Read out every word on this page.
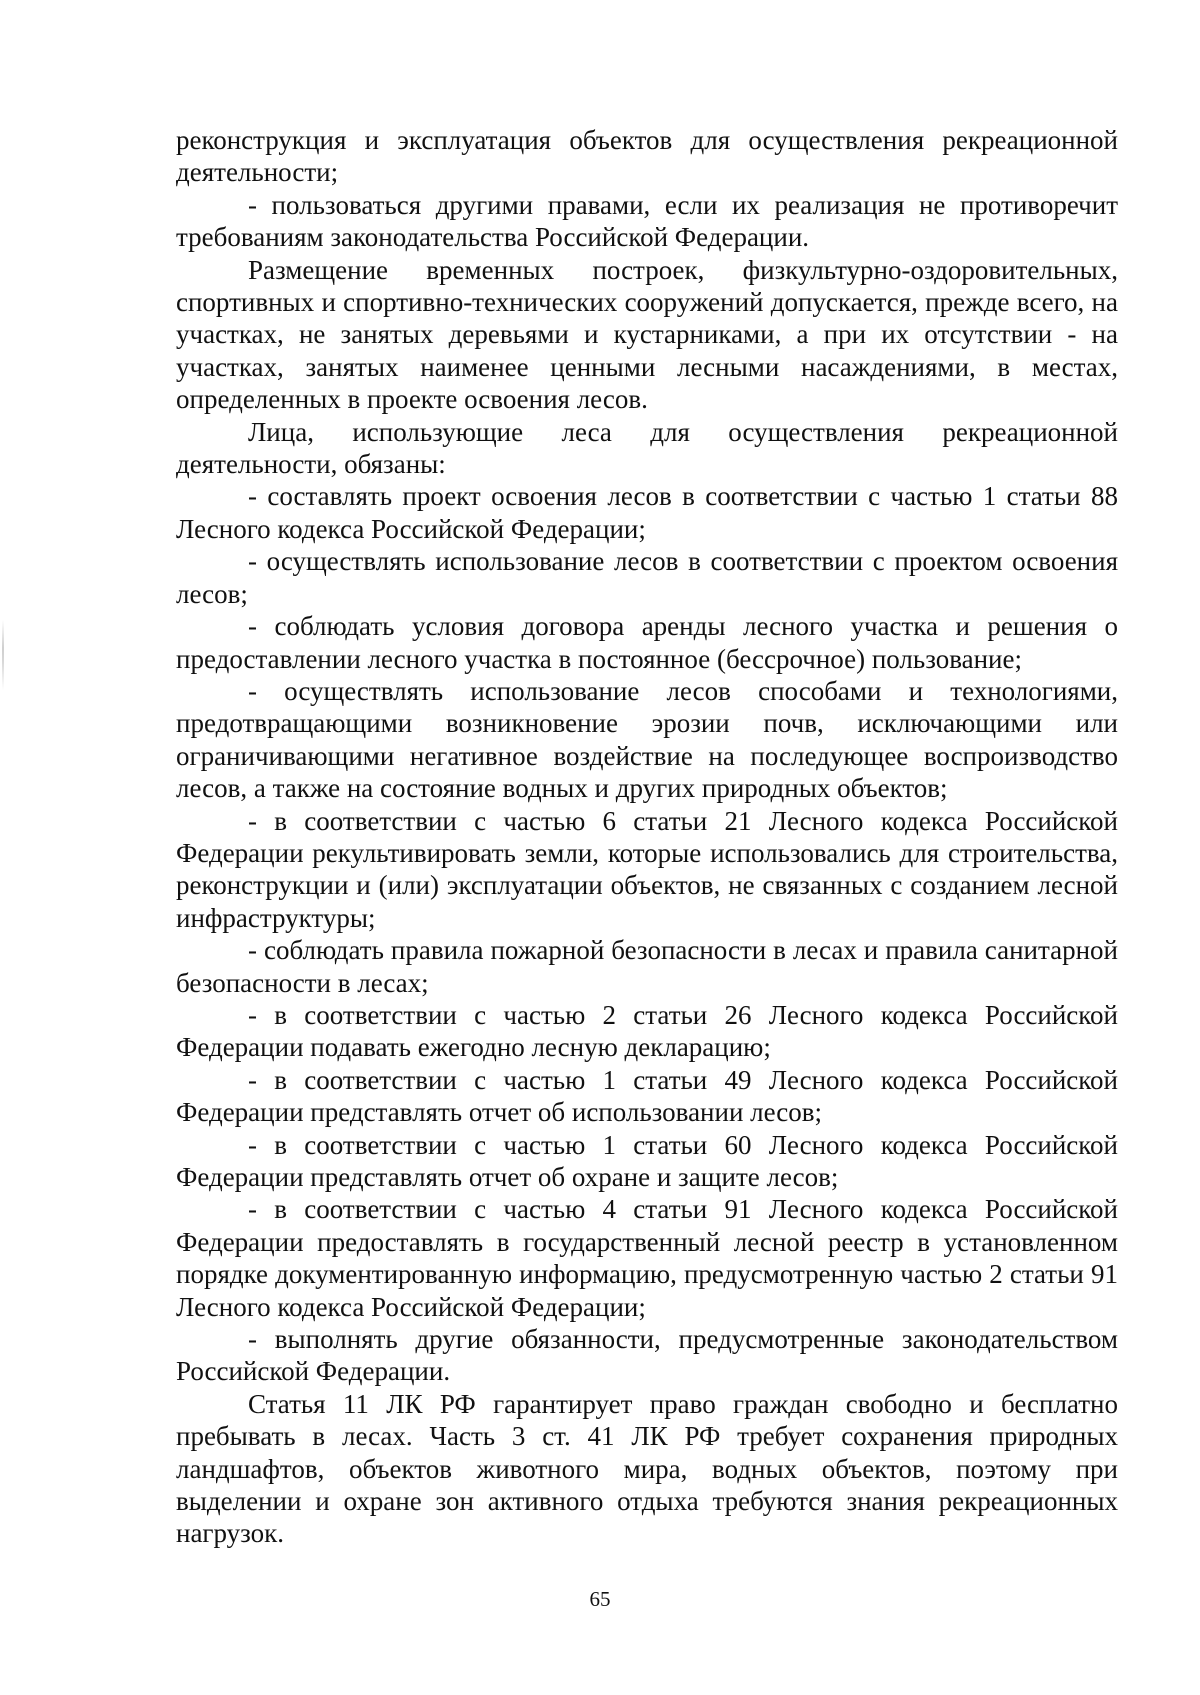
реконструкция и эксплуатация объектов для осуществления рекреационной деятельности;

- пользоваться другими правами, если их реализация не противоречит требованиям законодательства Российской Федерации.

Размещение временных построек, физкультурно-оздоровительных, спортивных и спортивно-технических сооружений допускается, прежде всего, на участках, не занятых деревьями и кустарниками, а при их отсутствии - на участках, занятых наименее ценными лесными насаждениями, в местах, определенных в проекте освоения лесов.

Лица, использующие леса для осуществления рекреационной деятельности, обязаны:

- составлять проект освоения лесов в соответствии с частью 1 статьи 88 Лесного кодекса Российской Федерации;

- осуществлять использование лесов в соответствии с проектом освоения лесов;

- соблюдать условия договора аренды лесного участка и решения о предоставлении лесного участка в постоянное (бессрочное) пользование;

- осуществлять использование лесов способами и технологиями, предотвращающими возникновение эрозии почв, исключающими или ограничивающими негативное воздействие на последующее воспроизводство лесов, а также на состояние водных и других природных объектов;

- в соответствии с частью 6 статьи 21 Лесного кодекса Российской Федерации рекультивировать земли, которые использовались для строительства, реконструкции и (или) эксплуатации объектов, не связанных с созданием лесной инфраструктуры;

- соблюдать правила пожарной безопасности в лесах и правила санитарной безопасности в лесах;

- в соответствии с частью 2 статьи 26 Лесного кодекса Российской Федерации подавать ежегодно лесную декларацию;

- в соответствии с частью 1 статьи 49 Лесного кодекса Российской Федерации представлять отчет об использовании лесов;

- в соответствии с частью 1 статьи 60 Лесного кодекса Российской Федерации представлять отчет об охране и защите лесов;

- в соответствии с частью 4 статьи 91 Лесного кодекса Российской Федерации предоставлять в государственный лесной реестр в установленном порядке документированную информацию, предусмотренную частью 2 статьи 91 Лесного кодекса Российской Федерации;

- выполнять другие обязанности, предусмотренные законодательством Российской Федерации.

Статья 11 ЛК РФ гарантирует право граждан свободно и бесплатно пребывать в лесах. Часть 3 ст. 41 ЛК РФ требует сохранения природных ландшафтов, объектов животного мира, водных объектов, поэтому при выделении и охране зон активного отдыха требуются знания рекреационных нагрузок.

65
